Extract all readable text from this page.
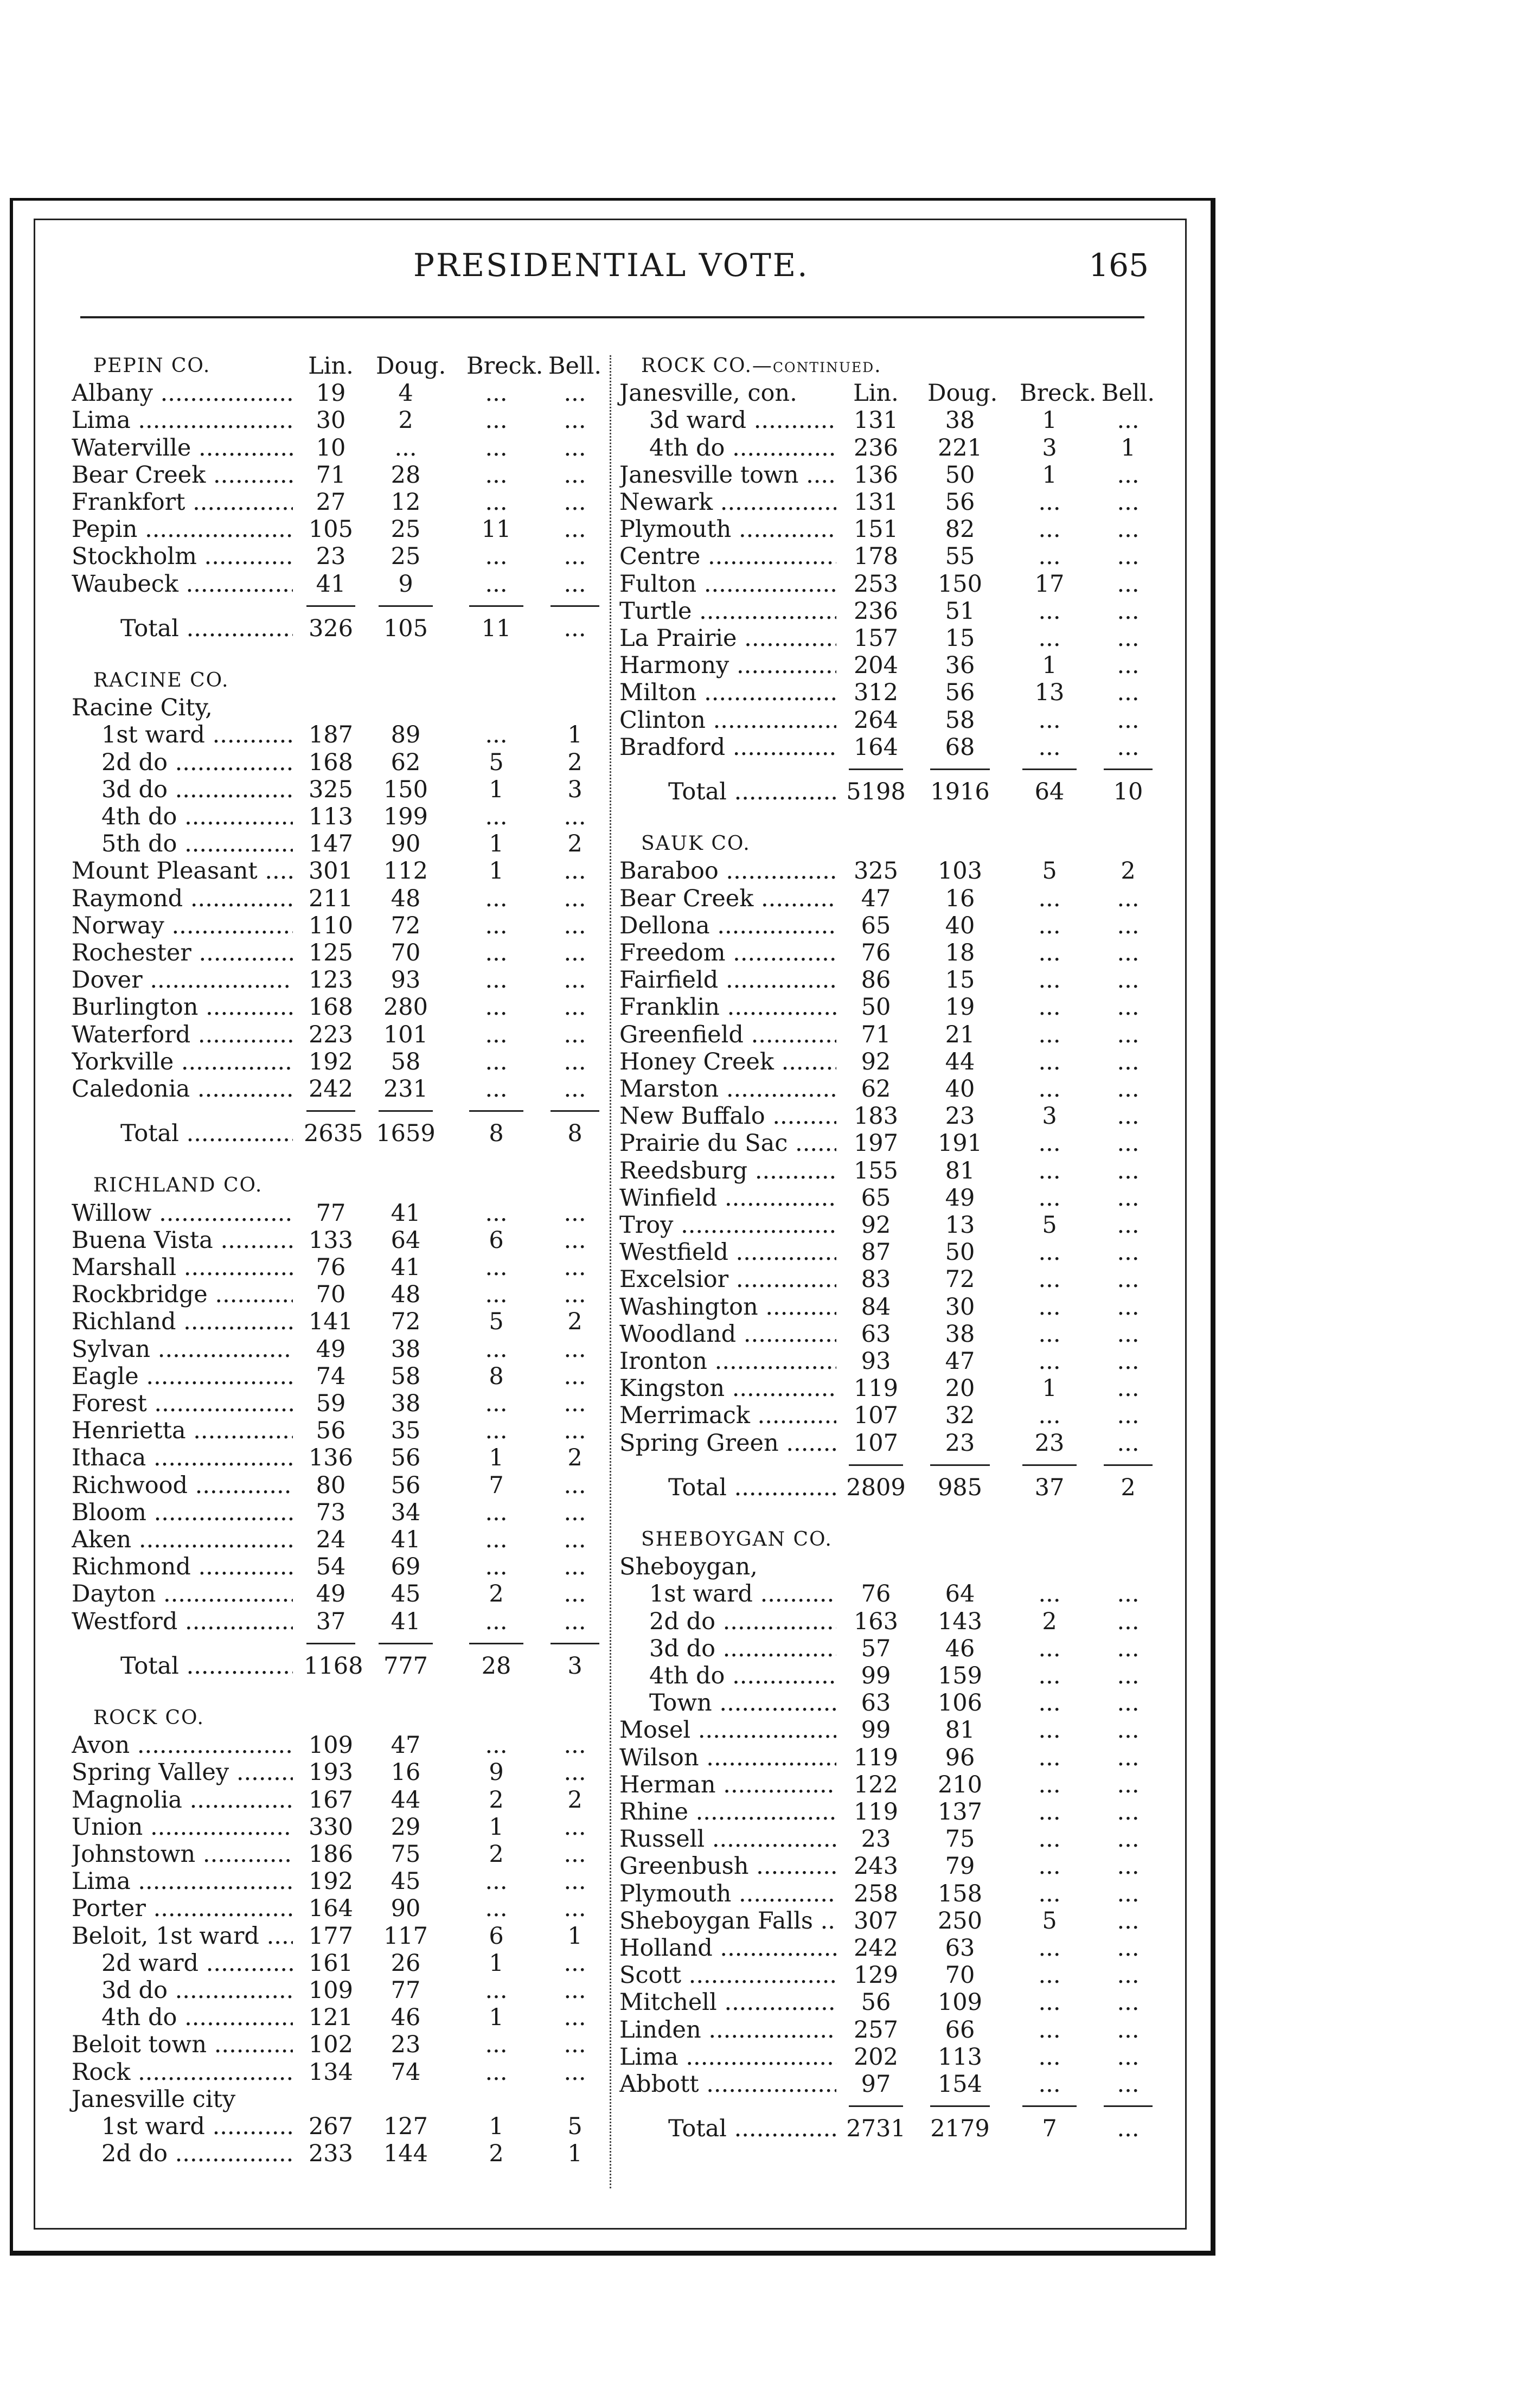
PRESIDENTIAL VOTE.	165
PEPIN CO.	Lin. Doug. Breck. Bell.
Albany .....	19	4	...	...
Lima .....	30	2	...	...
Waterville .....	10	...	...	...
Bear Creek .....	71	28	...	...
Frankfort .....	27	12	...	...
Pepin .....	105	25	11	...
Stockholm .....	23	25	...	...
Waubeck .....	41	9	...	...
Total .....	326	105	11	...
RACINE CO.
Racine City,
1st ward .....	187	89	...	1
2d do .....	168	62	5	2
3d do .....	325	150	1	3
4th do .....	113	199	...	...
5th do .....	147	90	1	2
Mount Pleasant .....	301	112	1	...
Raymond .....	211	48	...	...
Norway .....	110	72	...	...
Rochester .....	125	70	...	...
Dover .....	123	93	...	...
Burlington .....	168	280	...	...
Waterford .....	223	101	...	...
Yorkville .....	192	58	...	...
Caledonia .....	242	231	...	...
Total .....	2635 1659	8	8
RICHLAND CO.
Willow .....	77	41	...	...
Buena Vista .....	133	64	6	...
Marshall .....	76	41	...	...
Rockbridge .....	70	48	...	...
Richland .....	141	72	5	2
Sylvan .....	49	38	...	...
Eagle .....	74	58	8	...
Forest .....	59	38	...	...
Henrietta .....	56	35	...	...
Ithaca .....	136	56	1	2
Richwood .....	80	56	7	...
Bloom .....	73	34	...	...
Aken .....	24	41	...	...
Richmond .....	54	69	...	...
Dayton .....	49	45	2	...
Westford .....	37	41	...	...
Total .....	1168 777	28	3
ROCK CO.
Avon .....	109	47	...	...
Spring Valley .....	193	16	9	...
Magnolia .....	167	44	2	2
Union .....	330	29	1	...
Johnstown .....	186	75	2	...
Lima .....	192	45	...	...
Porter .....	164	90	...	...
Beloit, 1st ward .....	177	117	6	1
2d ward .....	161	26	1	...
3d do .....	109	77	...	...
4th do .....	121	46	1	...
Beloit town .....	102	23	...	...
Rock .....	134	74	...	...
Janesville city
1st ward .....	267	127	1	5
2d do .....	233	144	2	1
ROCK CO.—continued.
Janesville, con.	Lin.	Doug. Breck. Bell.
3d ward .....	131	38	1	...
4th do .....	236	221	3	1
Janesville town .....	136	50	1	...
Newark .....	131	56	...	...
Plymouth .....	151	82	...	...
Centre .....	178	55	...	...
Fulton .....	253	150	17	...
Turtle .....	236	51	...	...
La Prairie .....	157	15	...	...
Harmony .....	204	36	1	...
Milton .....	312	56	13	...
Clinton .....	264	58	...	...
Bradford .....	164	68	...	...
Total .....	5198 1916	64	10
SAUK CO.
Baraboo .....	325	103	5	2
Bear Creek .....	47	16	...	...
Dellona .....	65	40	...	...
Freedom .....	76	18	...	...
Fairfield .....	86	15	...	...
Franklin .....	50	19	...	...
Greenfield .....	71	21	...	...
Honey Creek .....	92	44	...	...
Marston .....	62	40	...	...
New Buffalo .....	183	23	3	...
Prairie du Sac .....	197	191	...	...
Reedsburg .....	155	81	...	...
Winfield .....	65	49	...	...
Troy .....	92	13	5	...
Westfield .....	87	50	...	...
Excelsior .....	83	72	...	...
Washington .....	84	30	...	...
Woodland .....	63	38	...	...
Ironton .....	93	47	...	...
Kingston .....	119	20	1	...
Merrimack .....	107	32	...	...
Spring Green .....	107	23	23	...
Total .....	2809	985	37	2
SHEBOYGAN CO.
Sheboygan,
1st ward .....	76	64	...	...
2d do .....	163	143	2	...
3d do .....	57	46	...	...
4th do .....	99	159	...	...
Town .....	63	106	...	...
Mosel .....	99	81	...	...
Wilson .....	119	96	...	...
Herman .....	122	210	...	...
Rhine .....	119	137	...	...
Russell .....	23	75	...	...
Greenbush .....	243	79	...	...
Plymouth .....	258	158	...	...
Sheboygan Falls .....	307	250	5	...
Holland .....	242	63	...	...
Scott .....	129	70	...	...
Mitchell .....	56	109	...	...
Linden .....	257	66	...	...
Lima .....	202	113	...	...
Abbott .....	97	154	...	...
Total .....	2731 2179	7	...
